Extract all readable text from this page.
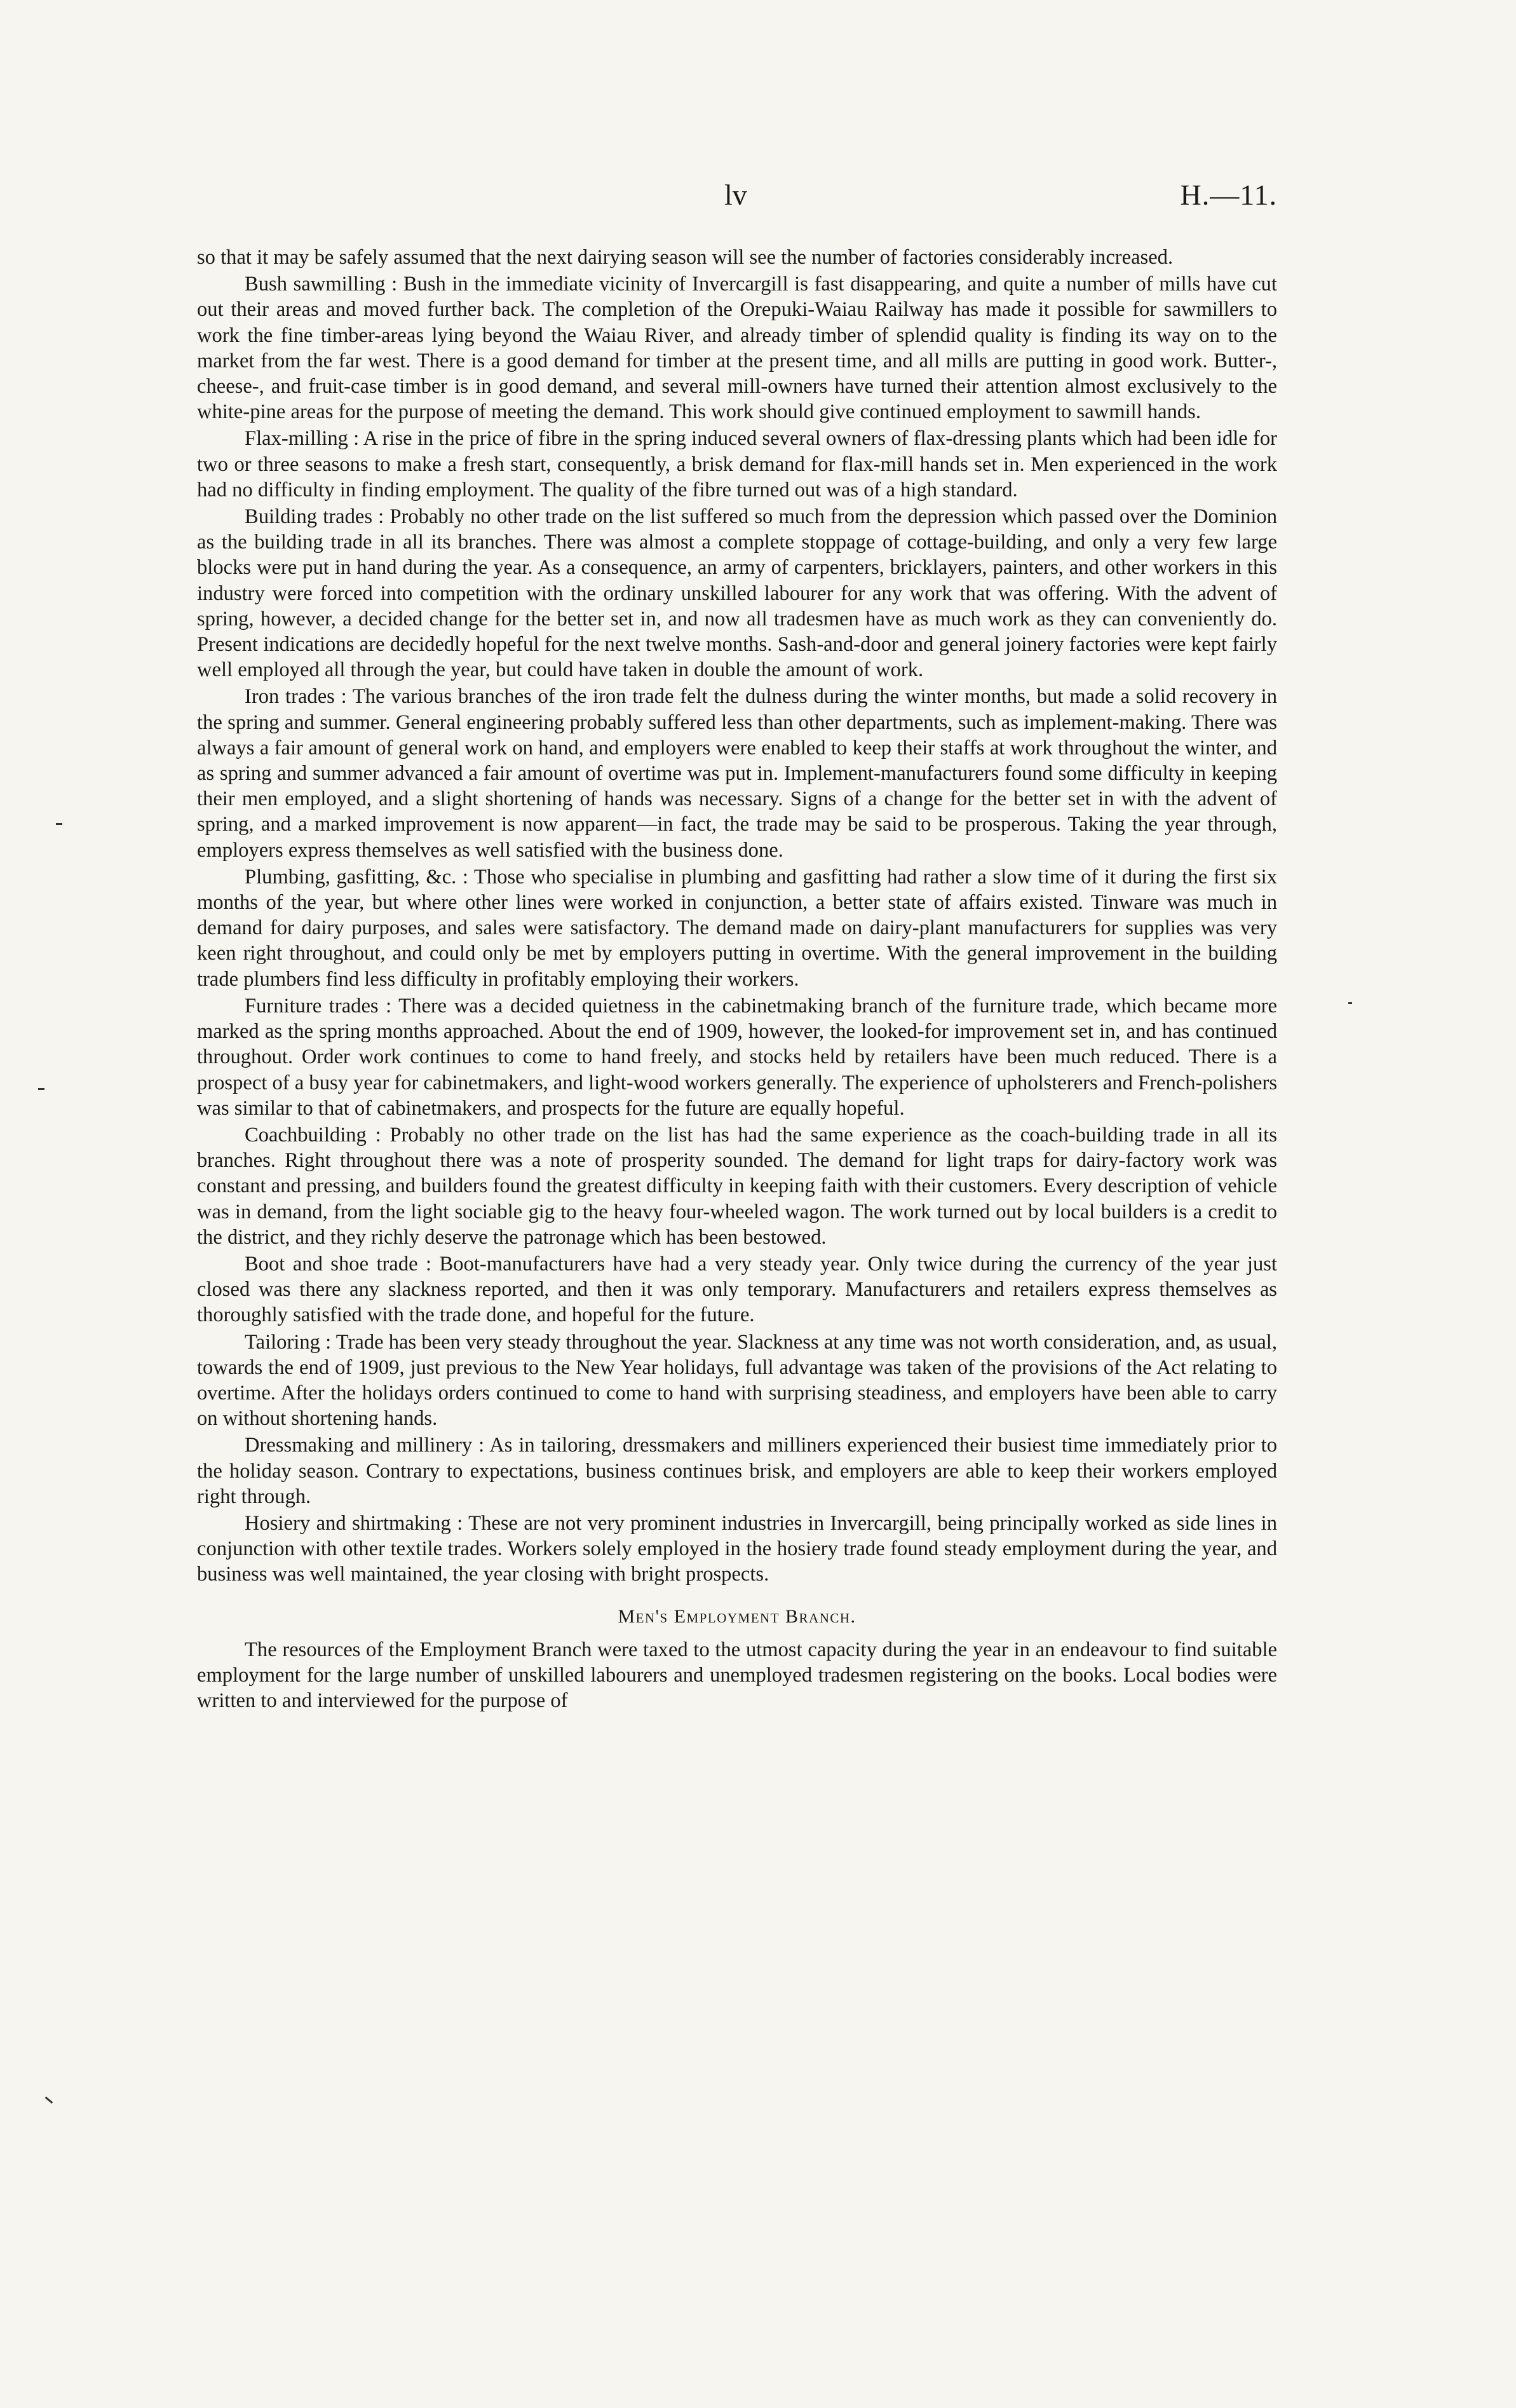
lv	H.—11.

so that it may be safely assumed that the next dairying season will see the number of factories considerably increased.

Bush sawmilling : Bush in the immediate vicinity of Invercargill is fast disappearing, and quite a number of mills have cut out their areas and moved further back. The completion of the Orepuki-Waiau Railway has made it possible for sawmillers to work the fine timber-areas lying beyond the Waiau River, and already timber of splendid quality is finding its way on to the market from the far west. There is a good demand for timber at the present time, and all mills are putting in good work. Butter-, cheese-, and fruit-case timber is in good demand, and several mill-owners have turned their attention almost exclusively to the white-pine areas for the purpose of meeting the demand. This work should give continued employment to sawmill hands.

Flax-milling : A rise in the price of fibre in the spring induced several owners of flax-dressing plants which had been idle for two or three seasons to make a fresh start, consequently, a brisk demand for flax-mill hands set in. Men experienced in the work had no difficulty in finding employment. The quality of the fibre turned out was of a high standard.

Building trades : Probably no other trade on the list suffered so much from the depression which passed over the Dominion as the building trade in all its branches. There was almost a complete stoppage of cottage-building, and only a very few large blocks were put in hand during the year. As a consequence, an army of carpenters, bricklayers, painters, and other workers in this industry were forced into competition with the ordinary unskilled labourer for any work that was offering. With the advent of spring, however, a decided change for the better set in, and now all tradesmen have as much work as they can conveniently do. Present indications are decidedly hopeful for the next twelve months. Sash-and-door and general joinery factories were kept fairly well employed all through the year, but could have taken in double the amount of work.

Iron trades : The various branches of the iron trade felt the dulness during the winter months, but made a solid recovery in the spring and summer. General engineering probably suffered less than other departments, such as implement-making. There was always a fair amount of general work on hand, and employers were enabled to keep their staffs at work throughout the winter, and as spring and summer advanced a fair amount of overtime was put in. Implement-manufacturers found some difficulty in keeping their men employed, and a slight shortening of hands was necessary. Signs of a change for the better set in with the advent of spring, and a marked improvement is now apparent—in fact, the trade may be said to be prosperous. Taking the year through, employers express themselves as well satisfied with the business done.

Plumbing, gasfitting, &c. : Those who specialise in plumbing and gasfitting had rather a slow time of it during the first six months of the year, but where other lines were worked in conjunction, a better state of affairs existed. Tinware was much in demand for dairy purposes, and sales were satisfactory. The demand made on dairy-plant manufacturers for supplies was very keen right throughout, and could only be met by employers putting in overtime. With the general improvement in the building trade plumbers find less difficulty in profitably employing their workers.

Furniture trades : There was a decided quietness in the cabinetmaking branch of the furniture trade, which became more marked as the spring months approached. About the end of 1909, however, the looked-for improvement set in, and has continued throughout. Order work continues to come to hand freely, and stocks held by retailers have been much reduced. There is a prospect of a busy year for cabinetmakers, and light-wood workers generally. The experience of upholsterers and French-polishers was similar to that of cabinetmakers, and prospects for the future are equally hopeful.

Coachbuilding : Probably no other trade on the list has had the same experience as the coach-building trade in all its branches. Right throughout there was a note of prosperity sounded. The demand for light traps for dairy-factory work was constant and pressing, and builders found the greatest difficulty in keeping faith with their customers. Every description of vehicle was in demand, from the light sociable gig to the heavy four-wheeled wagon. The work turned out by local builders is a credit to the district, and they richly deserve the patronage which has been bestowed.

Boot and shoe trade : Boot-manufacturers have had a very steady year. Only twice during the currency of the year just closed was there any slackness reported, and then it was only temporary. Manufacturers and retailers express themselves as thoroughly satisfied with the trade done, and hopeful for the future.

Tailoring : Trade has been very steady throughout the year. Slackness at any time was not worth consideration, and, as usual, towards the end of 1909, just previous to the New Year holidays, full advantage was taken of the provisions of the Act relating to overtime. After the holidays orders continued to come to hand with surprising steadiness, and employers have been able to carry on without shortening hands.

Dressmaking and millinery : As in tailoring, dressmakers and milliners experienced their busiest time immediately prior to the holiday season. Contrary to expectations, business continues brisk, and employers are able to keep their workers employed right through.

Hosiery and shirtmaking : These are not very prominent industries in Invercargill, being principally worked as side lines in conjunction with other textile trades. Workers solely employed in the hosiery trade found steady employment during the year, and business was well maintained, the year closing with bright prospects.

Men's Employment Branch.

The resources of the Employment Branch were taxed to the utmost capacity during the year in an endeavour to find suitable employment for the large number of unskilled labourers and unemployed tradesmen registering on the books. Local bodies were written to and interviewed for the purpose of
